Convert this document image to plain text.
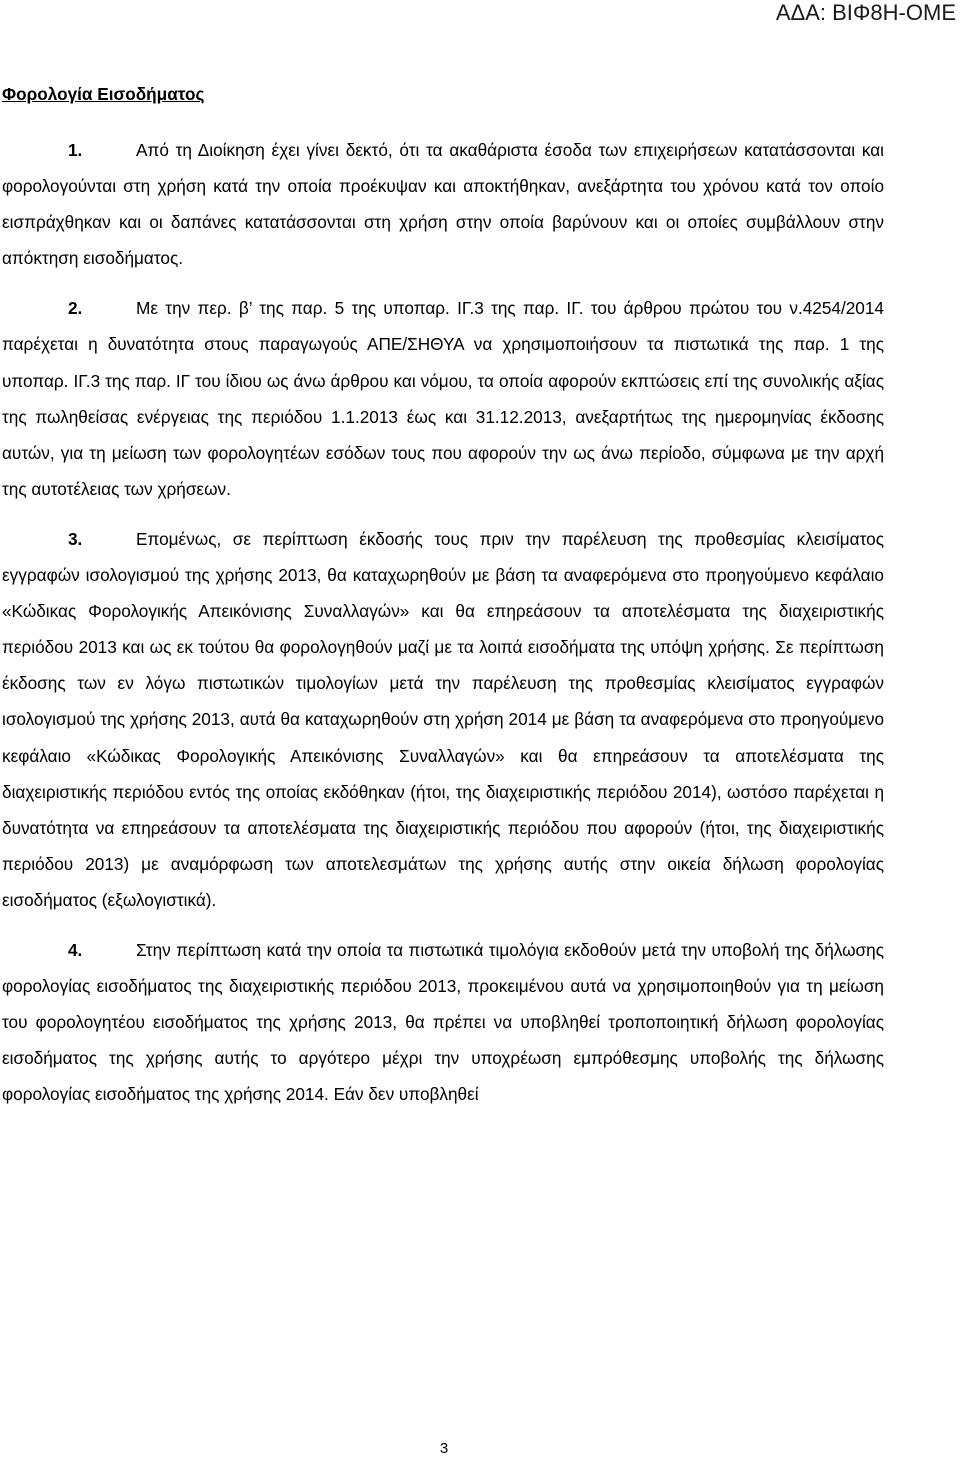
ΑΔΑ: ΒΙΦ8Η-ΟΜΕ
Φορολογία Εισοδήματος

1.	Από τη Διοίκηση έχει γίνει δεκτό, ότι τα ακαθάριστα έσοδα των επιχειρήσεων κατατάσσονται και φορολογούνται στη χρήση κατά την οποία προέκυψαν και αποκτήθηκαν, ανεξάρτητα του χρόνου κατά τον οποίο εισπράχθηκαν και οι δαπάνες κατατάσσονται στη χρήση στην οποία βαρύνουν και οι οποίες συμβάλλουν στην απόκτηση εισοδήματος.

2.	Με την περ. β’ της παρ. 5 της υποπαρ. ΙΓ.3 της παρ. ΙΓ. του άρθρου πρώτου του ν.4254/2014 παρέχεται η δυνατότητα στους παραγωγούς ΑΠΕ/ΣΗΘΥΑ να χρησιμοποιήσουν τα πιστωτικά της παρ. 1 της υποπαρ. ΙΓ.3 της παρ. ΙΓ του ίδιου ως άνω άρθρου και νόμου, τα οποία αφορούν εκπτώσεις επί της συνολικής αξίας της πωληθείσας ενέργειας της περιόδου 1.1.2013 έως και 31.12.2013, ανεξαρτήτως της ημερομηνίας έκδοσης αυτών, για τη μείωση των φορολογητέων εσόδων τους που αφορούν την ως άνω περίοδο, σύμφωνα με την αρχή της αυτοτέλειας των χρήσεων.

3.	Επομένως, σε περίπτωση έκδοσής τους πριν την παρέλευση της προθεσμίας κλεισίματος εγγραφών ισολογισμού της χρήσης 2013, θα καταχωρηθούν με βάση τα αναφερόμενα στο προηγούμενο κεφάλαιο «Κώδικας Φορολογικής Απεικόνισης Συναλλαγών» και θα επηρεάσουν τα αποτελέσματα της διαχειριστικής περιόδου 2013 και ως εκ τούτου θα φορολογηθούν μαζί με τα λοιπά εισοδήματα της υπόψη χρήσης. Σε περίπτωση έκδοσης των εν λόγω πιστωτικών τιμολογίων μετά την παρέλευση της προθεσμίας κλεισίματος εγγραφών ισολογισμού της χρήσης 2013, αυτά θα καταχωρηθούν στη χρήση 2014 με βάση τα αναφερόμενα στο προηγούμενο κεφάλαιο «Κώδικας Φορολογικής Απεικόνισης Συναλλαγών» και θα επηρεάσουν τα αποτελέσματα της διαχειριστικής περιόδου εντός της οποίας εκδόθηκαν (ήτοι, της διαχειριστικής περιόδου 2014), ωστόσο παρέχεται η δυνατότητα να επηρεάσουν τα αποτελέσματα της διαχειριστικής περιόδου που αφορούν (ήτοι, της διαχειριστικής περιόδου 2013) με αναμόρφωση των αποτελεσμάτων της χρήσης αυτής στην οικεία δήλωση φορολογίας εισοδήματος (εξωλογιστικά).

4.	Στην περίπτωση κατά την οποία τα πιστωτικά τιμολόγια εκδοθούν μετά την υποβολή της δήλωσης φορολογίας εισοδήματος της διαχειριστικής περιόδου 2013, προκειμένου αυτά να χρησιμοποιηθούν για τη μείωση του φορολογητέου εισοδήματος της χρήσης 2013, θα πρέπει να υποβληθεί τροποποιητική δήλωση φορολογίας εισοδήματος της χρήσης αυτής το αργότερο μέχρι την υποχρέωση εμπρόθεσμης υποβολής της δήλωσης φορολογίας εισοδήματος της χρήσης 2014. Εάν δεν υποβληθεί

3
